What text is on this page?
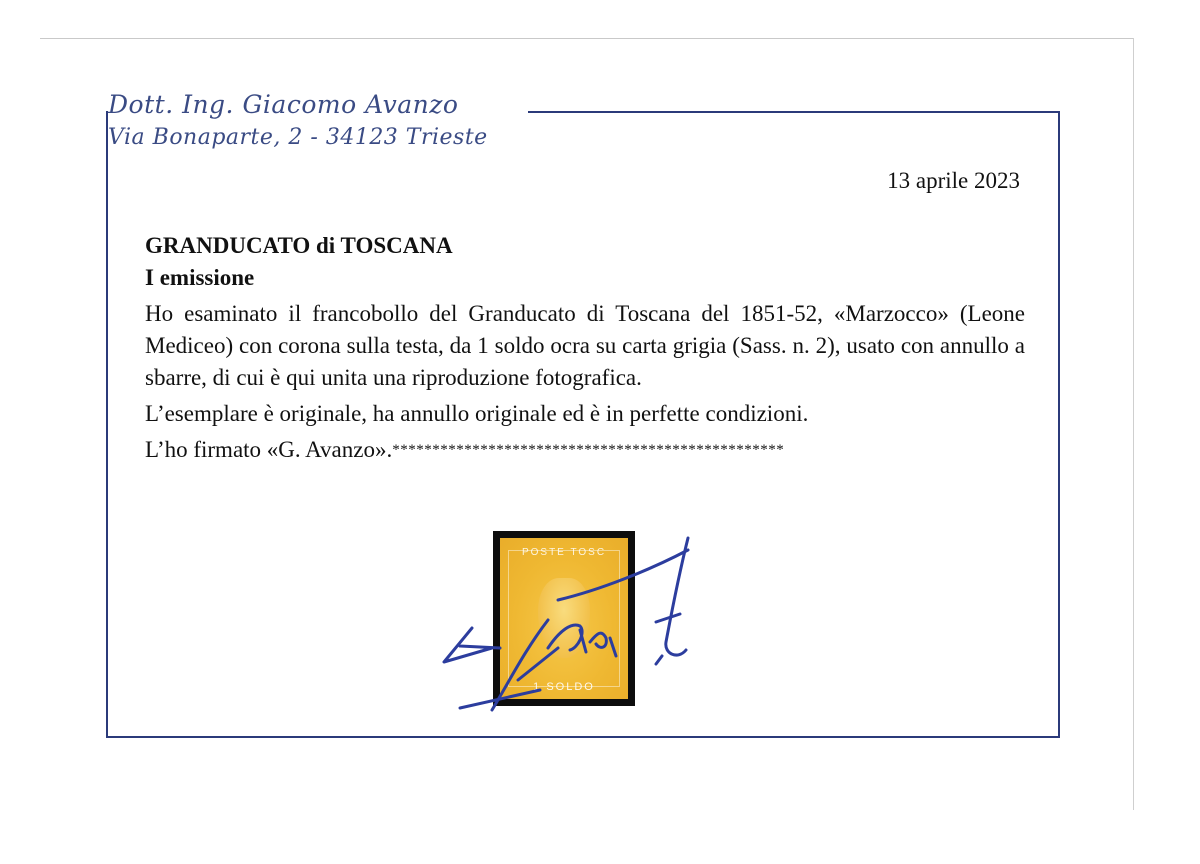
Dott. Ing. Giacomo Avanzo
Via Bonaparte, 2 - 34123 Trieste
13 aprile 2023

GRANDUCATO di TOSCANA

I emissione

Ho esaminato il francobollo del Granducato di Toscana del 1851-52, «Marzocco» (Leone Mediceo) con corona sulla testa, da 1 soldo ocra su carta grigia (Sass. n. 2), usato con annullo a sbarre, di cui è qui unita una riproduzione fotografica.

L’esemplare è originale, ha annullo originale ed è in perfette condizioni.

L’ho firmato «G. Avanzo».*************************************************

POSTE TOSC
1 SOLDO
